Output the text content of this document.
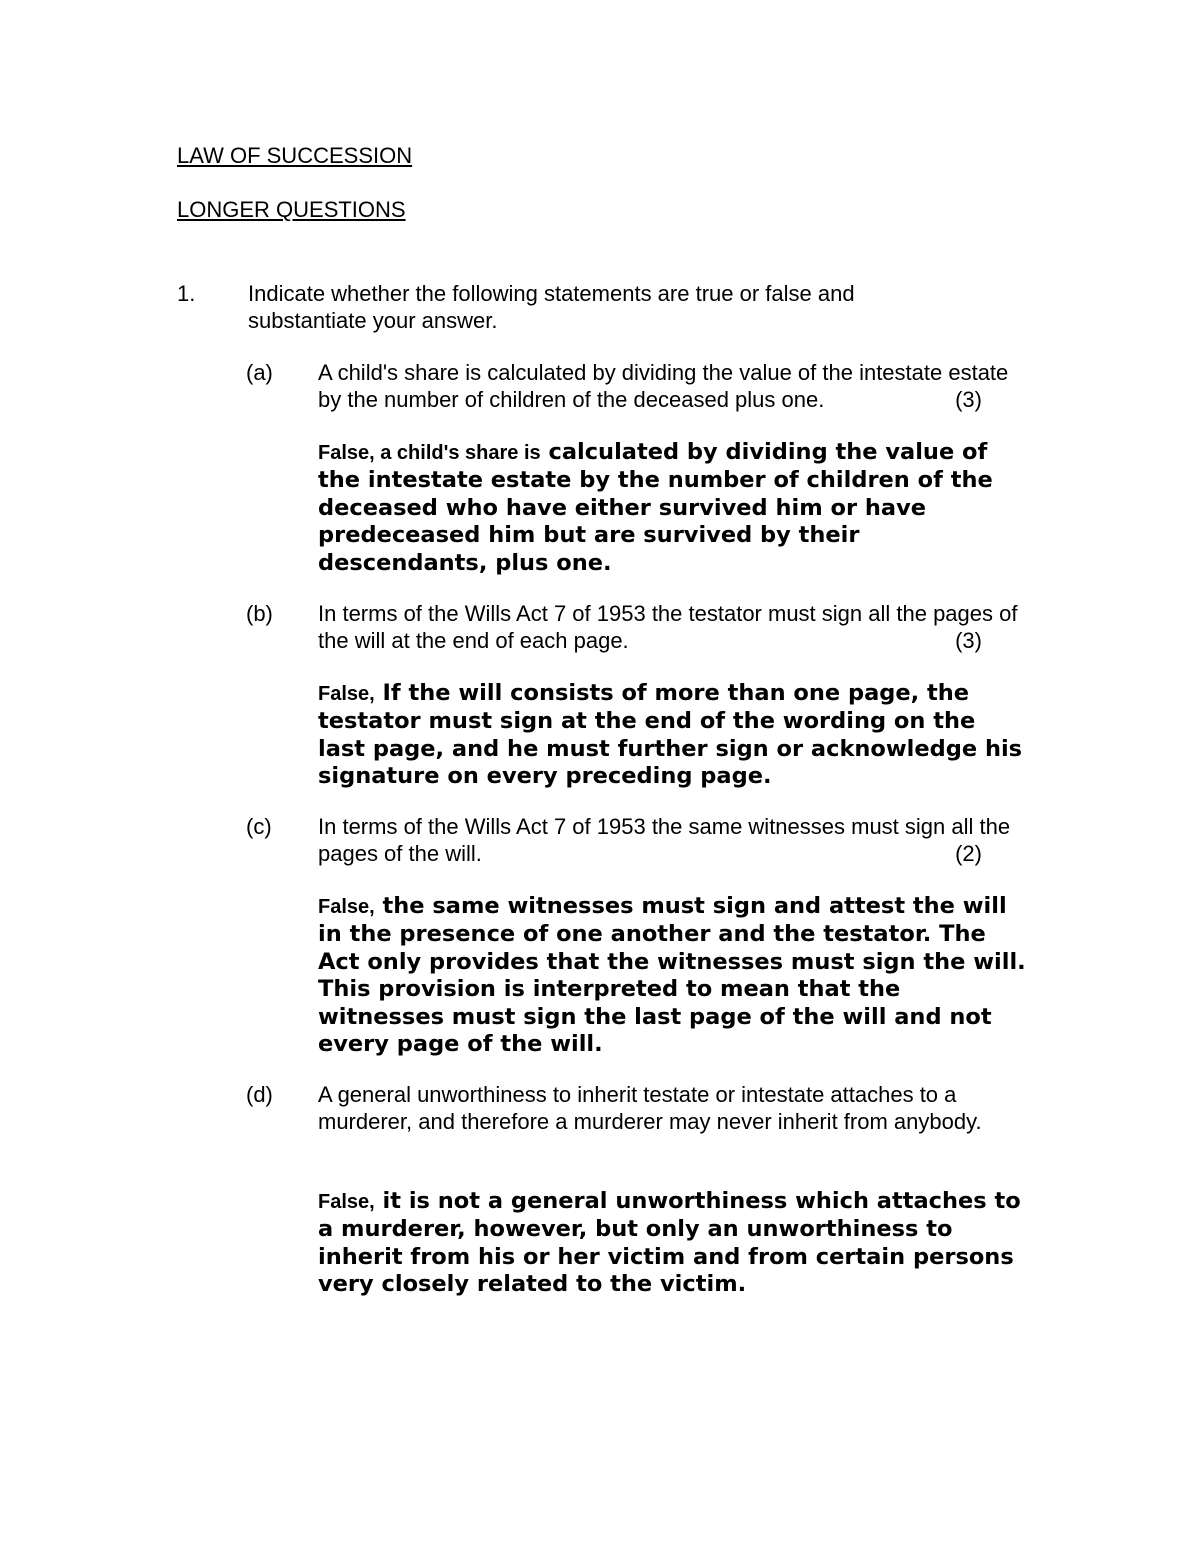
LAW OF SUCCESSION
LONGER QUESTIONS
1. Indicate whether the following statements are true or false and substantiate your answer.
(a) A child's share is calculated by dividing the value of the intestate estate by the number of children of the deceased plus one.	(3)
False, a child's share is calculated by dividing the value of the intestate estate by the number of children of the deceased who have either survived him or have predeceased him but are survived by their descendants, plus one.
(b) In terms of the Wills Act 7 of 1953 the testator must sign all the pages of the will at the end of each page.	(3)
False, If the will consists of more than one page, the testator must sign at the end of the wording on the last page, and he must further sign or acknowledge his signature on every preceding page.
(c) In terms of the Wills Act 7 of 1953 the same witnesses must sign all the pages of the will.	(2)
False, the same witnesses must sign and attest the will in the presence of one another and the testator. The Act only provides that the witnesses must sign the will. This provision is interpreted to mean that the witnesses must sign the last page of the will and not every page of the will.
(d) A general unworthiness to inherit testate or intestate attaches to a murderer, and therefore a murderer may never inherit from anybody.
False, it is not a general unworthiness which attaches to a murderer, however, but only an unworthiness to inherit from his or her victim and from certain persons very closely related to the victim.
